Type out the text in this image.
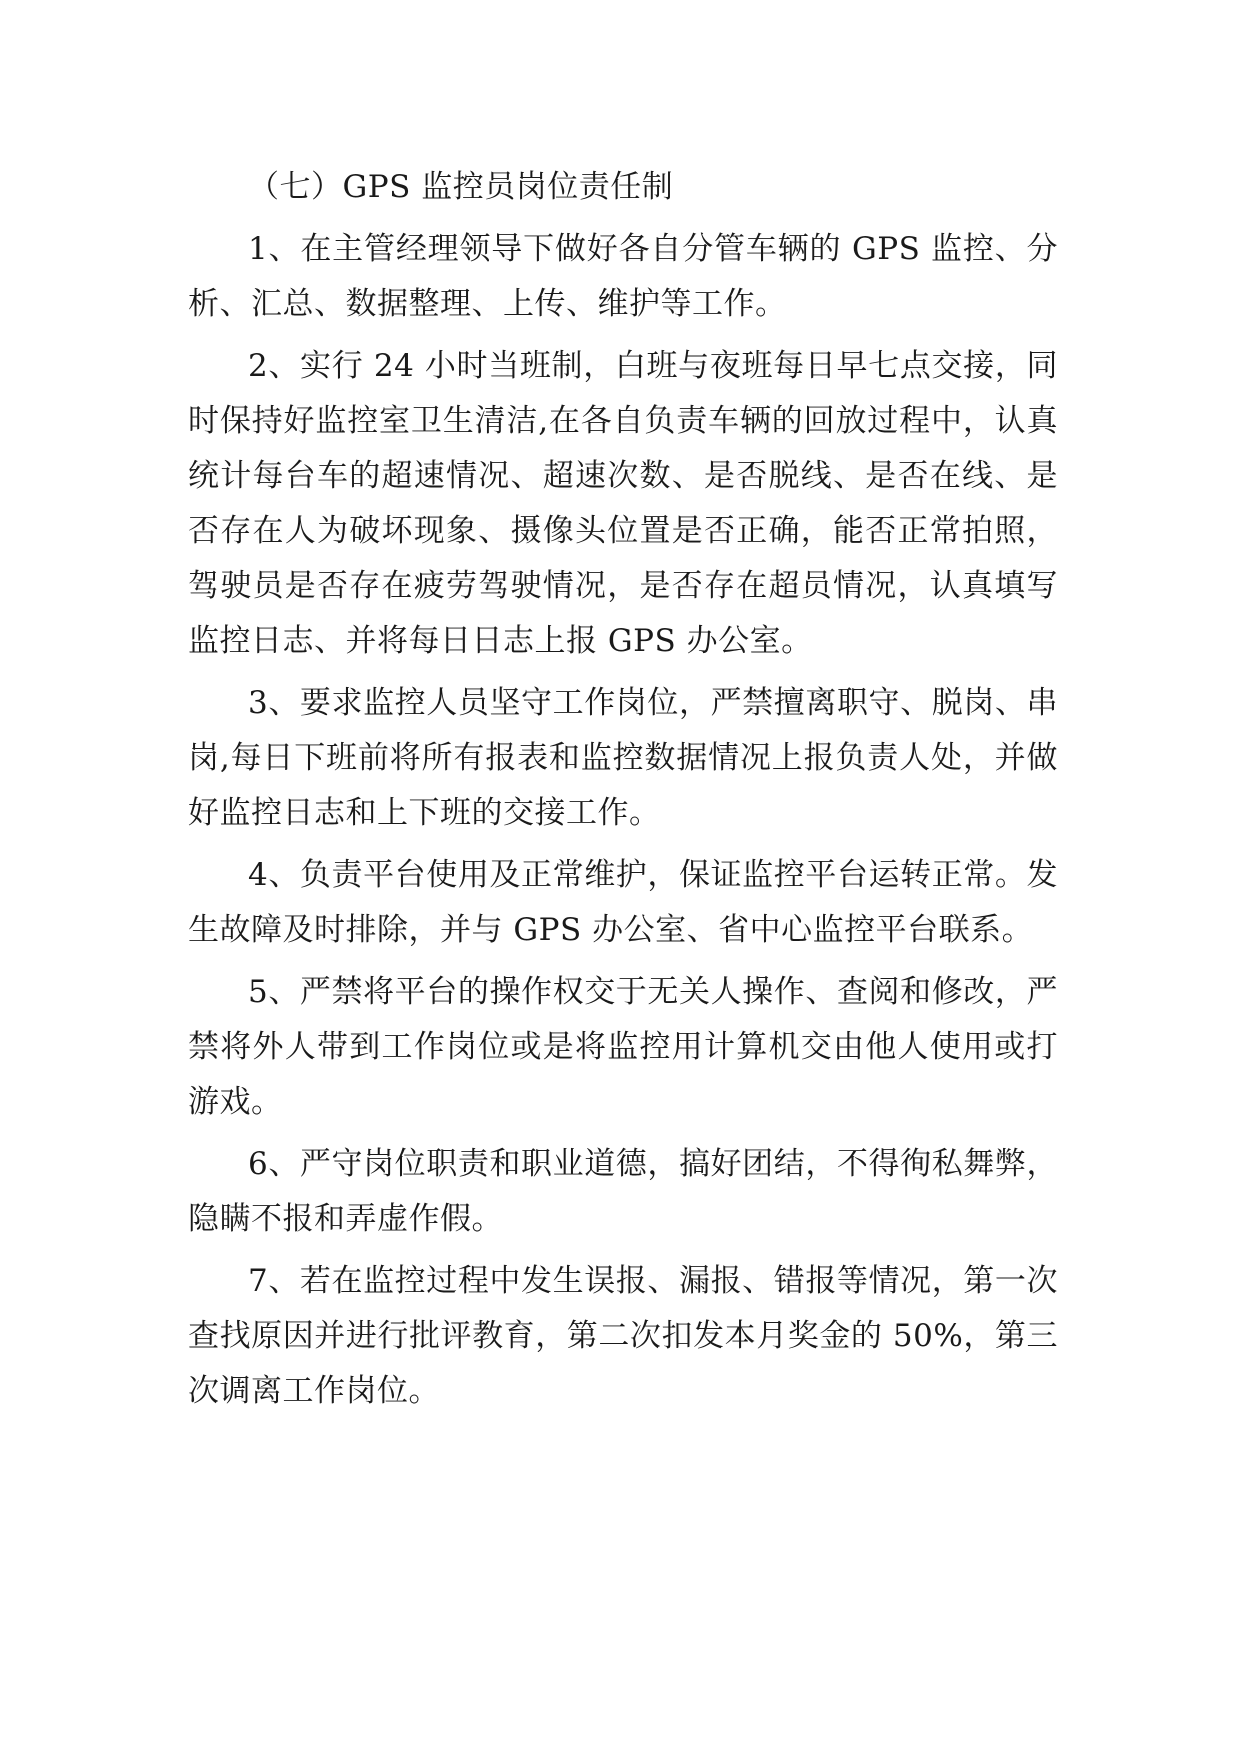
（七）GPS 监控员岗位责任制

1、在主管经理领导下做好各自分管车辆的 GPS 监控、分析、汇总、数据整理、上传、维护等工作。

2、实行 24 小时当班制，白班与夜班每日早七点交接，同时保持好监控室卫生清洁,在各自负责车辆的回放过程中，认真统计每台车的超速情况、超速次数、是否脱线、是否在线、是否存在人为破坏现象、摄像头位置是否正确，能否正常拍照，驾驶员是否存在疲劳驾驶情况，是否存在超员情况，认真填写监控日志、并将每日日志上报 GPS 办公室。

3、要求监控人员坚守工作岗位，严禁擅离职守、脱岗、串岗,每日下班前将所有报表和监控数据情况上报负责人处，并做好监控日志和上下班的交接工作。

4、负责平台使用及正常维护，保证监控平台运转正常。发生故障及时排除，并与 GPS 办公室、省中心监控平台联系。

5、严禁将平台的操作权交于无关人操作、查阅和修改，严禁将外人带到工作岗位或是将监控用计算机交由他人使用或打游戏。

6、严守岗位职责和职业道德，搞好团结，不得徇私舞弊，隐瞒不报和弄虚作假。

7、若在监控过程中发生误报、漏报、错报等情况，第一次查找原因并进行批评教育，第二次扣发本月奖金的 50%，第三次调离工作岗位。
